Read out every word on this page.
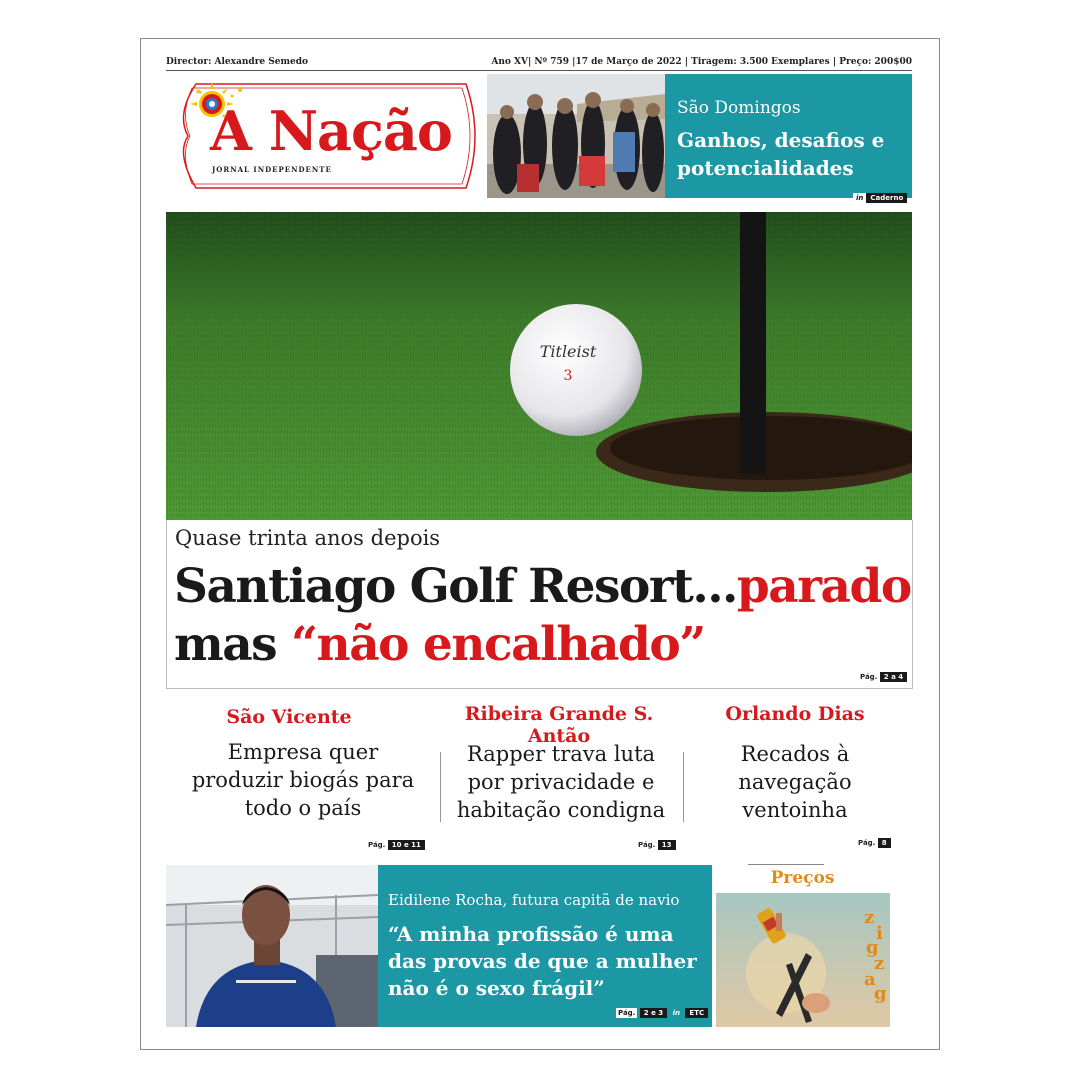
Director: Alexandre Semedo	Ano XV| Nº 759 |17 de Março de 2022 | Tiragem: 3.500 Exemplares | Preço: 200$00
A Nação
JORNAL INDEPENDENTE
São Domingos
Ganhos, desafios e potencialidades
in Caderno
Titleist
3
Quase trinta anos depois
Santiago Golf Resort...parado
mas “não encalhado”
Pág. 2 a 4
São Vicente
Empresa quer produzir biogás para todo o país
Pág. 10 e 11
Ribeira Grande S. Antão
Rapper trava luta por privacidade e habitação condigna
Pág. 13
Orlando Dias
Recados à navegação ventoinha
Pág. 8
Eidilene Rocha, futura capitã de navio
“A minha profissão é uma das provas de que a mulher não é o sexo frágil”
Pág. 2 e 3 in ETC
Preços
z
i
g
z
a
g
